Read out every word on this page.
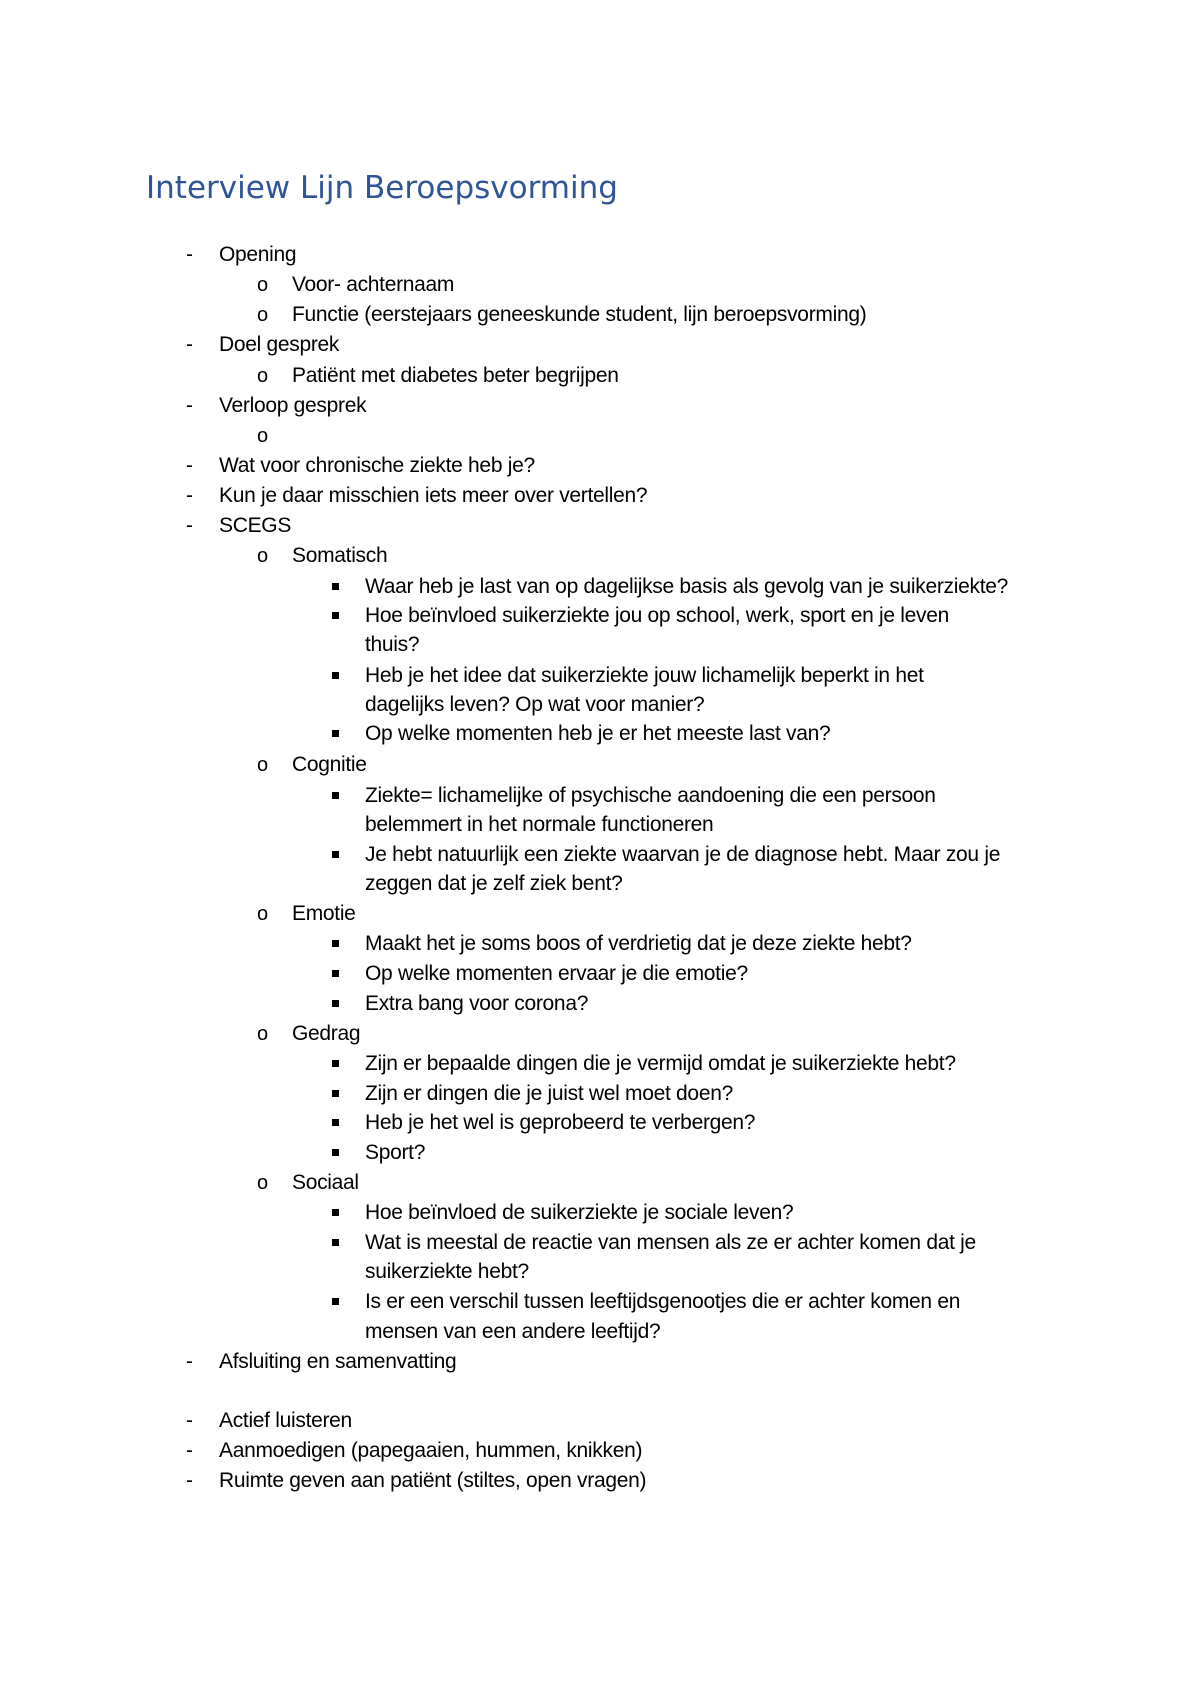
Interview Lijn Beroepsvorming
- Opening
o Voor- achternaam
o Functie (eerstejaars geneeskunde student, lijn beroepsvorming)
- Doel gesprek
o Patiënt met diabetes beter begrijpen
- Verloop gesprek
o
- Wat voor chronische ziekte heb je?
- Kun je daar misschien iets meer over vertellen?
- SCEGS
o Somatisch
Waar heb je last van op dagelijkse basis als gevolg van je suikerziekte?
Hoe beïnvloed suikerziekte jou op school, werk, sport en je leven
thuis?
Heb je het idee dat suikerziekte jouw lichamelijk beperkt in het
dagelijks leven? Op wat voor manier?
Op welke momenten heb je er het meeste last van?
o Cognitie
Ziekte= lichamelijke of psychische aandoening die een persoon
belemmert in het normale functioneren
Je hebt natuurlijk een ziekte waarvan je de diagnose hebt. Maar zou je
zeggen dat je zelf ziek bent?
o Emotie
Maakt het je soms boos of verdrietig dat je deze ziekte hebt?
Op welke momenten ervaar je die emotie?
Extra bang voor corona?
o Gedrag
Zijn er bepaalde dingen die je vermijd omdat je suikerziekte hebt?
Zijn er dingen die je juist wel moet doen?
Heb je het wel is geprobeerd te verbergen?
Sport?
o Sociaal
Hoe beïnvloed de suikerziekte je sociale leven?
Wat is meestal de reactie van mensen als ze er achter komen dat je
suikerziekte hebt?
Is er een verschil tussen leeftijdsgenootjes die er achter komen en
mensen van een andere leeftijd?
- Afsluiting en samenvatting
- Actief luisteren
- Aanmoedigen (papegaaien, hummen, knikken)
- Ruimte geven aan patiënt (stiltes, open vragen)
